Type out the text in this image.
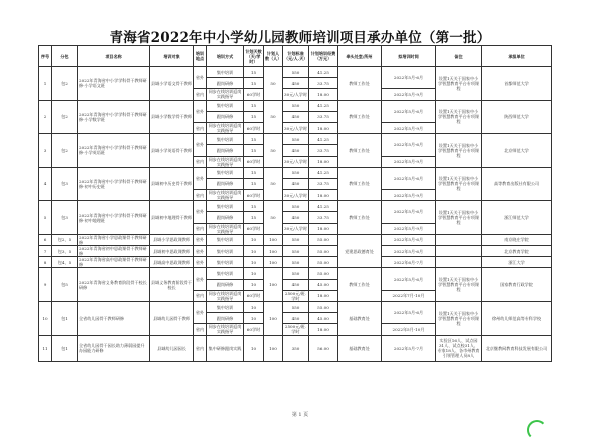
青海省2022年中小学幼儿园教师培训项目承办单位（第一批）
序号	分包	项目名称	培训对象	培训地点	培训方式	计划天数（天/学时）	计划人数（人）	计划标准（元/人.天）	计划培训经费（万元）	牵头处室/所州	拟培训时间	备注	承担单位
1	包2	2022年青海省中小学学科骨干教师研修-小学语文班	县域小学语文骨干教师	省外	集中培训	15	50	550	41.25	教师工作处	2022年5月-6月	设置1天关于国家中小学智慧教育平台专项课程	首都师范大学
					跟岗研修	15		450	33.75				
				省内	同步在线培训返岗实践指导	60学时		30元/人学时	18.00		2022年5月-9月		
2	包2	2022年青海省中小学学科骨干教师研修-小学数学班	县域小学数学骨干教师	省外	集中培训	15	50	550	41.25	教师工作处	2022年5月-6月	设置1天关于国家中小学智慧教育平台专项课程	陕西师范大学
					跟岗研修	15		450	33.75				
				省内	同步在线培训返岗实践指导	60学时		30元/人学时	18.00		2022年5月-9月		
3	包2	2022年青海省中小学学科骨干教师研修-小学英语班	县域小学英语骨干教师	省外	集中培训	15	50	550	41.25	教师工作处	2022年5月-6月	设置1天关于国家中小学智慧教育平台专项课程	北京师范大学
					跟岗研修	15		450	33.75				
				省内	同步在线培训返岗实践指导	60学时		30元/人学时	18.00		2022年5月-9月		
4	包3	2022年青海省中小学学科骨干教师研修-初中历史班	县域初中历史骨干教师	省外	集中培训	15	50	550	41.25	教师工作处	2022年5月-6月	设置1天关于国家中小学智慧教育平台专项课程	高等教育出版社有限公司
					跟岗研修	15		450	33.75				
				省内	同步在线培训返岗实践指导	60学时		30元/人学时	18.00		2022年5月-9月		
5	包3	2022年青海省中小学学科骨干教师研修-初中地理班	县域初中地理骨干教师	省外	集中培训	15	50	550	41.25	教师工作处	2022年5月-6月	设置1天关于国家中小学智慧教育平台专项课程	浙江师范大学
					跟岗研修	15		450	33.75				
				省内	同步在线培训返岗实践指导	60学时		30元/人学时	18.00		2022年5月-9月		
6	包2、5	2022年青海省小学思政课骨干教师研修	县域小学思政课教师	省外	集中培训	10	100	550	55.00	党建思政德育处	2022年5月-6月		南京晓庄学院
7	包3、5	2022年青海省初中思政课骨干教师研修	县域初中思政课教师	省外	集中培训	10	100	550	55.00		2022年5月-6月		北京教育学院
8	包4、5	2022年青海省高中思政课骨干教师研修	县域高中思政课教师	省外	集中培训	10	100	550	55.00		2022年6月-7月		浙江大学
9	包5	2022年青海省义务教育阶段骨干校长研修	县域义务教育阶段骨干校长	省外	集中培训	10	100	550	55.00	教师工作处	2022年5月-6月	设置1天关于国家中小学智慧教育平台专项课程	国家教育行政学院
					跟岗研修	10		450	45.00				
				省内	同步在线培训返岗实践指导	60学时		2500元/班.学时	18.00		2022年7月-10月		
10	包1	全省幼儿园骨干教师研修	县域幼儿园骨干教师	省外	集中培训	10	100	550	55.00	基础教育处	2022年5月-6月	设置1天关于国家中小学智慧教育平台专项课程	徐州幼儿师范高等专科学校
					跟岗研修	10		450	45.00				
				省内	同步在线培训返岗实践指导	60学时		2500元/班.学时	18.00		2022年5月-10月		
11	包1	全省幼儿园骨干园长助力薄弱园提升办园能力研修	县域幼儿园园长	省内	集中研修跟岗实践	10	100	350	56.00	基础教育处	2022年5月-7月	实验区16人、试点园31人、试点校31人、专家18人、各市州教育引领管理人员8人	北京继教网教育科技发展有限公司
第 1 页
